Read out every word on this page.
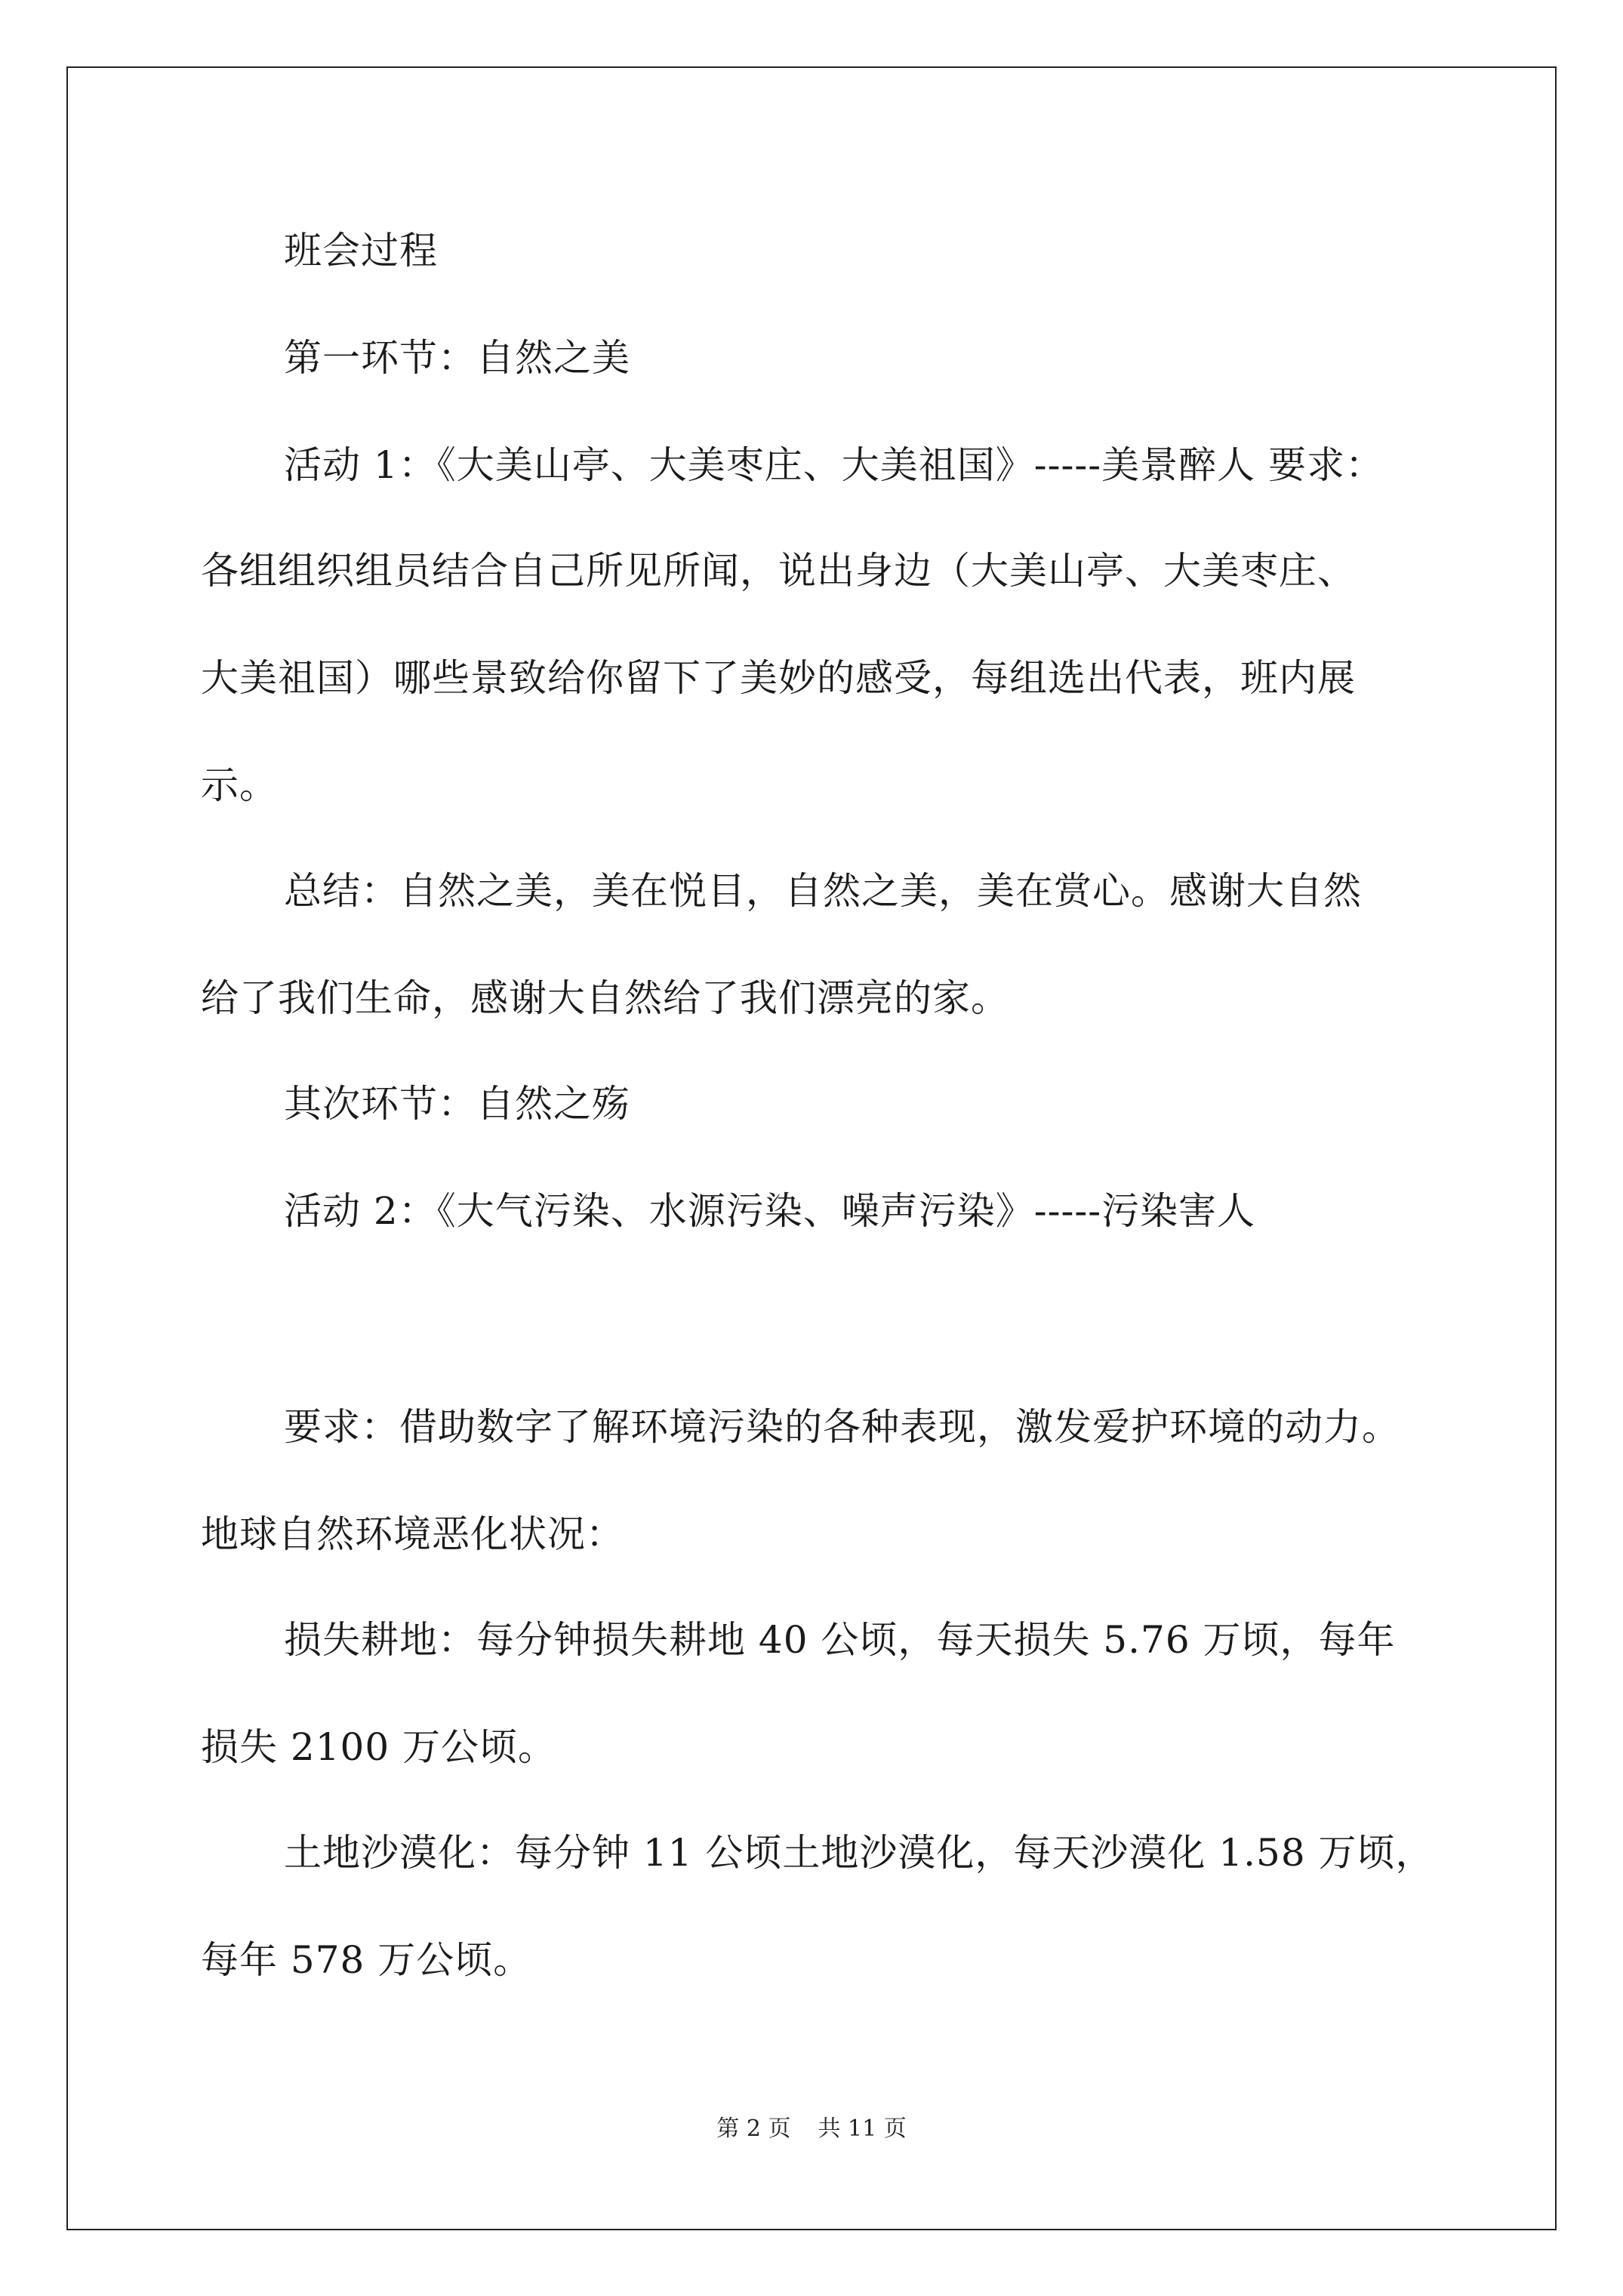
班会过程
第一环节：自然之美
活动 1：《大美山亭、大美枣庄、大美祖国》-----美景醉人 要求：
各组组织组员结合自己所见所闻，说出身边（大美山亭、大美枣庄、
大美祖国）哪些景致给你留下了美妙的感受，每组选出代表，班内展
示。
总结：自然之美，美在悦目，自然之美，美在赏心。感谢大自然
给了我们生命，感谢大自然给了我们漂亮的家。
其次环节：自然之殇
活动 2：《大气污染、水源污染、噪声污染》-----污染害人
要求：借助数字了解环境污染的各种表现，激发爱护环境的动力。
地球自然环境恶化状况：
损失耕地：每分钟损失耕地 40 公顷，每天损失 5.76 万顷，每年
损失 2100 万公顷。
土地沙漠化：每分钟 11 公顷土地沙漠化，每天沙漠化 1.58 万顷，
每年 578 万公顷。
第 2 页 共 11 页
